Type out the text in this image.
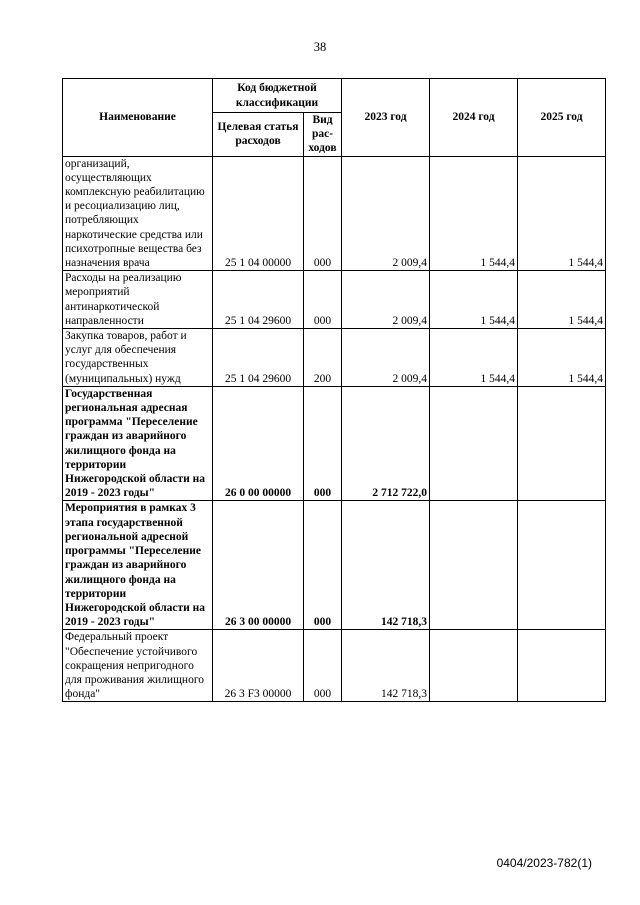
38
Наименование	Код бюджетной классификации		2023 год	2024 год	2025 год
	Целевая статья расходов	Вид рас-ходов			
организаций, осуществляющих комплексную реабилитацию и ресоциализацию лиц, потребляющих наркотические средства или психотропные вещества без назначения врача	25 1 04 00000	000	2 009,4	1 544,4	1 544,4
Расходы на реализацию мероприятий антинаркотической направленности	25 1 04 29600	000	2 009,4	1 544,4	1 544,4
Закупка товаров, работ и услуг для обеспечения государственных (муниципальных) нужд	25 1 04 29600	200	2 009,4	1 544,4	1 544,4
Государственная региональная адресная программа "Переселение граждан из аварийного жилищного фонда на территории Нижегородской области на 2019 - 2023 годы"	26 0 00 00000	000	2 712 722,0		
Мероприятия в рамках 3 этапа государственной региональной адресной программы "Переселение граждан из аварийного жилищного фонда на территории Нижегородской области на 2019 - 2023 годы"	26 3 00 00000	000	142 718,3		
Федеральный проект "Обеспечение устойчивого сокращения непригодного для проживания жилищного фонда"	26 3 F3 00000	000	142 718,3		
0404/2023-782(1)
